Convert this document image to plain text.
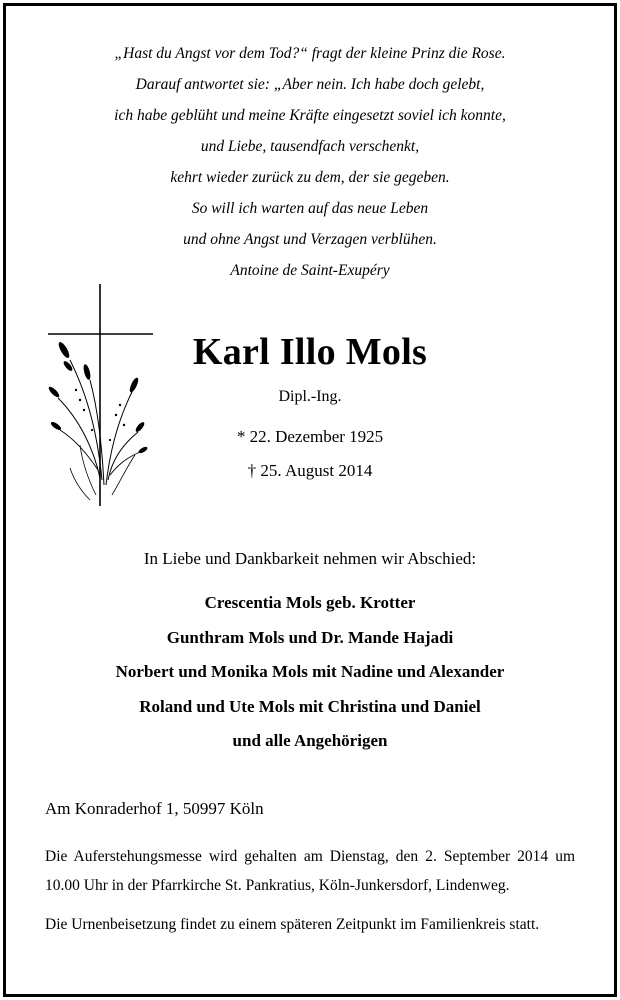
„Hast du Angst vor dem Tod?“ fragt der kleine Prinz die Rose.
Darauf antwortet sie: „Aber nein. Ich habe doch gelebt,
ich habe geblüht und meine Kräfte eingesetzt soviel ich konnte,
und Liebe, tausendfach verschenkt,
kehrt wieder zurück zu dem, der sie gegeben.
So will ich warten auf das neue Leben
und ohne Angst und Verzagen verblühen.
Antoine de Saint-Exupéry
Karl Illo Mols
Dipl.-Ing.
* 22. Dezember 1925
† 25. August 2014
In Liebe und Dankbarkeit nehmen wir Abschied:
Crescentia Mols geb. Krotter
Gunthram Mols und Dr. Mande Hajadi
Norbert und Monika Mols mit Nadine und Alexander
Roland und Ute Mols mit Christina und Daniel
und alle Angehörigen
Am Konraderhof 1, 50997 Köln
Die Auferstehungsmesse wird gehalten am Dienstag, den 2. September 2014 um 10.00 Uhr in der Pfarrkirche St. Pankratius, Köln-Junkersdorf, Lindenweg.
Die Urnenbeisetzung findet zu einem späteren Zeitpunkt im Familienkreis statt.
